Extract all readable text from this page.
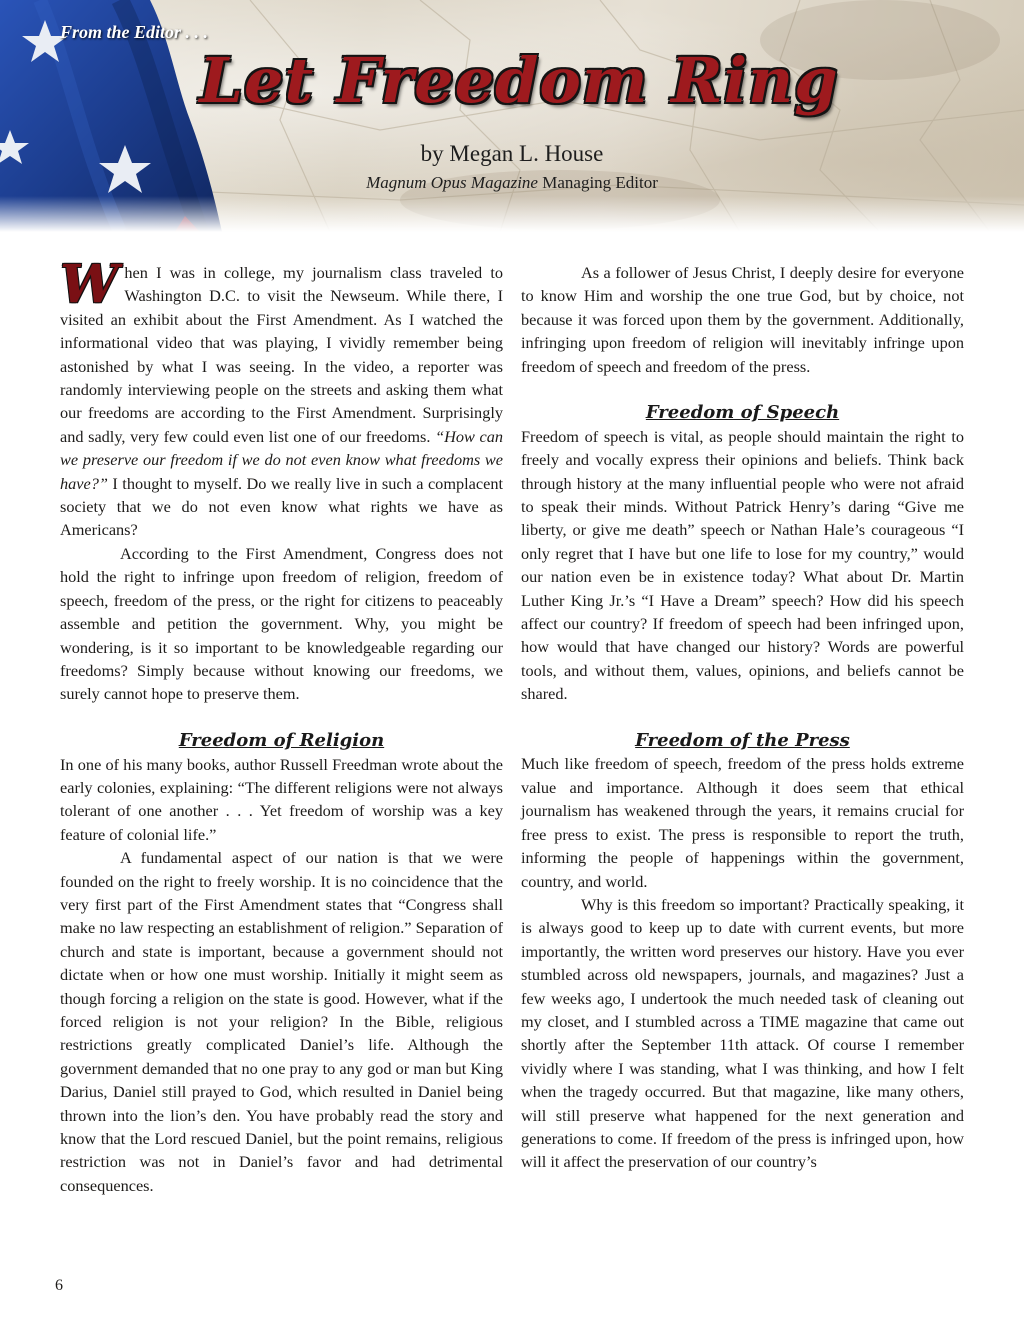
From the Editor . . .
Let Freedom Ring
by Megan L. House
Magnum Opus Magazine Managing Editor

When I was in college, my journalism class traveled to Washington D.C. to visit the Newseum. While there, I visited an exhibit about the First Amendment. As I watched the informational video that was playing, I vividly remember being astonished by what I was seeing. In the video, a reporter was randomly interviewing people on the streets and asking them what our freedoms are according to the First Amendment. Surprisingly and sadly, very few could even list one of our freedoms. “How can we preserve our freedom if we do not even know what freedoms we have?” I thought to myself. Do we really live in such a complacent society that we do not even know what rights we have as Americans?

According to the First Amendment, Congress does not hold the right to infringe upon freedom of religion, freedom of speech, freedom of the press, or the right for citizens to peaceably assemble and petition the government. Why, you might be wondering, is it so important to be knowledgeable regarding our freedoms? Simply because without knowing our freedoms, we surely cannot hope to preserve them.

Freedom of Religion

In one of his many books, author Russell Freedman wrote about the early colonies, explaining: “The different religions were not always tolerant of one another . . . Yet freedom of worship was a key feature of colonial life.”

A fundamental aspect of our nation is that we were founded on the right to freely worship. It is no coincidence that the very first part of the First Amendment states that “Congress shall make no law respecting an establishment of religion.” Separation of church and state is important, because a government should not dictate when or how one must worship. Initially it might seem as though forcing a religion on the state is good. However, what if the forced religion is not your religion? In the Bible, religious restrictions greatly complicated Daniel’s life. Although the government demanded that no one pray to any god or man but King Darius, Daniel still prayed to God, which resulted in Daniel being thrown into the lion’s den. You have probably read the story and know that the Lord rescued Daniel, but the point remains, religious restriction was not in Daniel’s favor and had detrimental consequences.

As a follower of Jesus Christ, I deeply desire for everyone to know Him and worship the one true God, but by choice, not because it was forced upon them by the government. Additionally, infringing upon freedom of religion will inevitably infringe upon freedom of speech and freedom of the press.

Freedom of Speech

Freedom of speech is vital, as people should maintain the right to freely and vocally express their opinions and beliefs. Think back through history at the many influential people who were not afraid to speak their minds. Without Patrick Henry’s daring “Give me liberty, or give me death” speech or Nathan Hale’s courageous “I only regret that I have but one life to lose for my country,” would our nation even be in existence today? What about Dr. Martin Luther King Jr.’s “I Have a Dream” speech? How did his speech affect our country? If freedom of speech had been infringed upon, how would that have changed our history? Words are powerful tools, and without them, values, opinions, and beliefs cannot be shared.

Freedom of the Press

Much like freedom of speech, freedom of the press holds extreme value and importance. Although it does seem that ethical journalism has weakened through the years, it remains crucial for free press to exist. The press is responsible to report the truth, informing the people of happenings within the government, country, and world.

Why is this freedom so important? Practically speaking, it is always good to keep up to date with current events, but more importantly, the written word preserves our history. Have you ever stumbled across old newspapers, journals, and magazines? Just a few weeks ago, I undertook the much needed task of cleaning out my closet, and I stumbled across a TIME magazine that came out shortly after the September 11th attack. Of course I remember vividly where I was standing, what I was thinking, and how I felt when the tragedy occurred. But that magazine, like many others, will still preserve what happened for the next generation and generations to come. If freedom of the press is infringed upon, how will it affect the preservation of our country’s

6
